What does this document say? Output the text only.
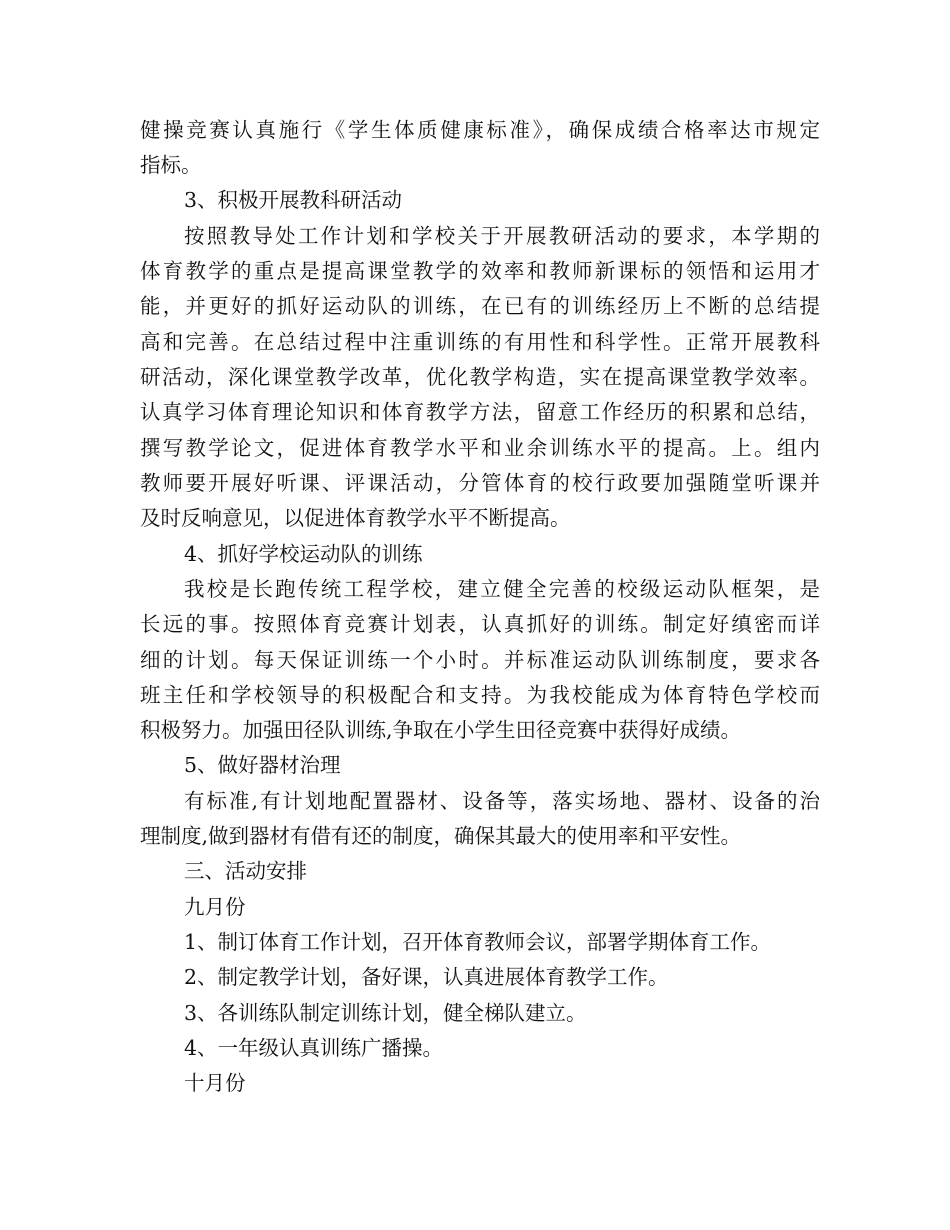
健操竞赛认真施行《学生体质健康标准》，确保成绩合格率达市规定
指标。
3、积极开展教科研活动
按照教导处工作计划和学校关于开展教研活动的要求，本学期的
体育教学的重点是提高课堂教学的效率和教师新课标的领悟和运用才
能，并更好的抓好运动队的训练，在已有的训练经历上不断的总结提
高和完善。在总结过程中注重训练的有用性和科学性。正常开展教科
研活动，深化课堂教学改革，优化教学构造，实在提高课堂教学效率。
认真学习体育理论知识和体育教学方法，留意工作经历的积累和总结，
撰写教学论文，促进体育教学水平和业余训练水平的提高。上。组内
教师要开展好听课、评课活动，分管体育的校行政要加强随堂听课并
及时反响意见，以促进体育教学水平不断提高。
4、抓好学校运动队的训练
我校是长跑传统工程学校，建立健全完善的校级运动队框架，是
长远的事。按照体育竞赛计划表，认真抓好的训练。制定好缜密而详
细的计划。每天保证训练一个小时。并标准运动队训练制度，要求各
班主任和学校领导的积极配合和支持。为我校能成为体育特色学校而
积极努力。加强田径队训练,争取在小学生田径竞赛中获得好成绩。
5、做好器材治理
有标准,有计划地配置器材、设备等，落实场地、器材、设备的治
理制度,做到器材有借有还的制度，确保其最大的使用率和平安性。
三、活动安排
九月份
1、制订体育工作计划，召开体育教师会议，部署学期体育工作。
2、制定教学计划，备好课，认真进展体育教学工作。
3、各训练队制定训练计划，健全梯队建立。
4、一年级认真训练广播操。
十月份
